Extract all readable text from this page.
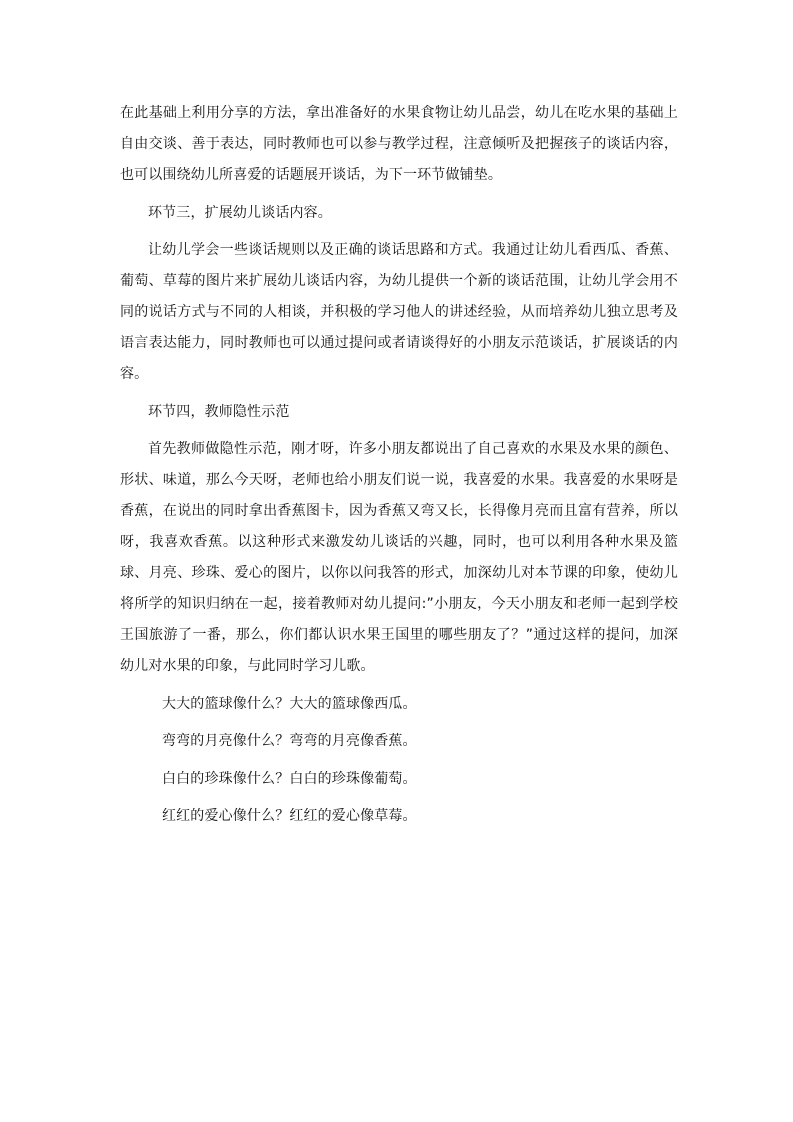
在此基础上利用分享的方法，拿出准备好的水果食物让幼儿品尝，幼儿在吃水果的基础上自由交谈、善于表达，同时教师也可以参与教学过程，注意倾听及把握孩子的谈话内容，也可以围绕幼儿所喜爱的话题展开谈话，为下一环节做铺垫。

环节三，扩展幼儿谈话内容。

让幼儿学会一些谈话规则以及正确的谈话思路和方式。我通过让幼儿看西瓜、香蕉、葡萄、草莓的图片来扩展幼儿谈话内容，为幼儿提供一个新的谈话范围，让幼儿学会用不同的说话方式与不同的人相谈，并积极的学习他人的讲述经验，从而培养幼儿独立思考及语言表达能力，同时教师也可以通过提问或者请谈得好的小朋友示范谈话，扩展谈话的内容。

环节四，教师隐性示范

首先教师做隐性示范，刚才呀，许多小朋友都说出了自己喜欢的水果及水果的颜色、形状、味道，那么今天呀，老师也给小朋友们说一说，我喜爱的水果。我喜爱的水果呀是香蕉，在说出的同时拿出香蕉图卡，因为香蕉又弯又长，长得像月亮而且富有营养，所以呀，我喜欢香蕉。以这种形式来激发幼儿谈话的兴趣，同时，也可以利用各种水果及篮球、月亮、珍珠、爱心的图片，以你以问我答的形式，加深幼儿对本节课的印象，使幼儿将所学的知识归纳在一起，接着教师对幼儿提问:”小朋友，今天小朋友和老师一起到学校王国旅游了一番，那么，你们都认识水果王国里的哪些朋友了？”通过这样的提问，加深幼儿对水果的印象，与此同时学习儿歌。

大大的篮球像什么？大大的篮球像西瓜。

弯弯的月亮像什么？弯弯的月亮像香蕉。

白白的珍珠像什么？白白的珍珠像葡萄。

红红的爱心像什么？红红的爱心像草莓。
